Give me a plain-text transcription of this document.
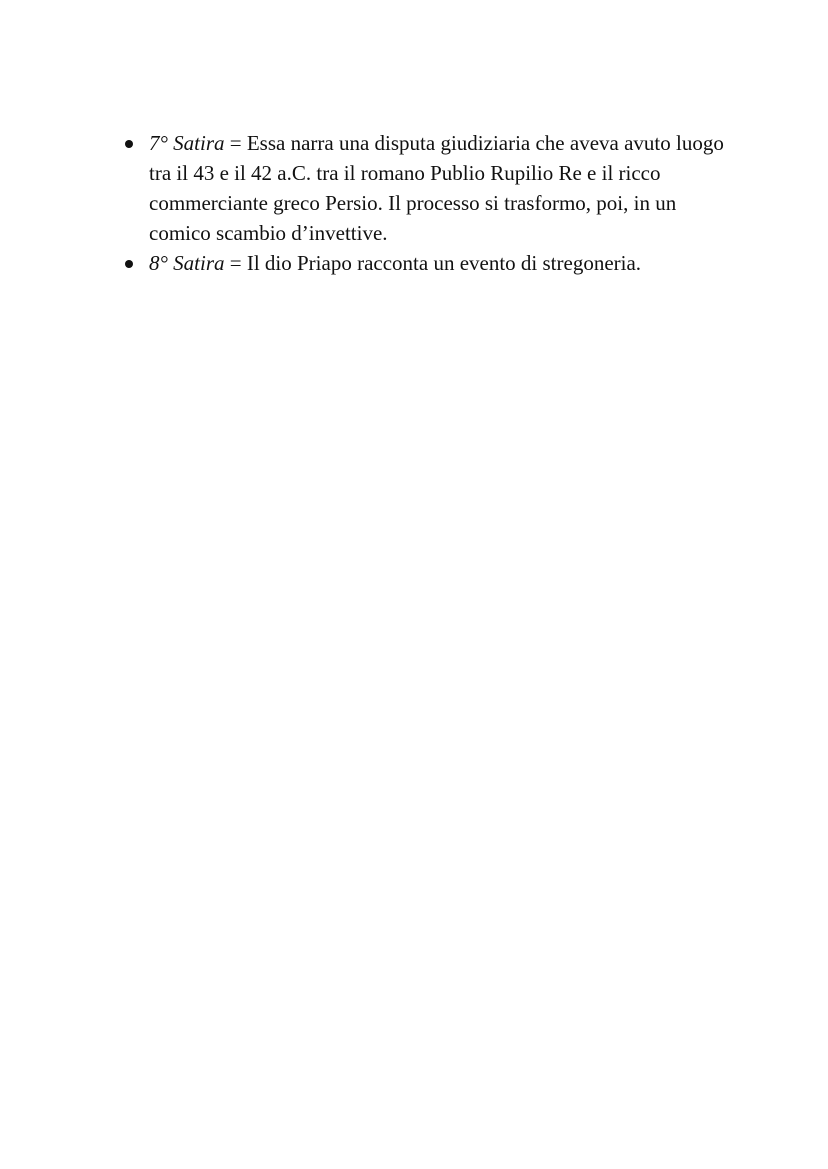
7° Satira = Essa narra una disputa giudiziaria che aveva avuto luogo tra il 43 e il 42 a.C. tra il romano Publio Rupilio Re e il ricco commerciante greco Persio. Il processo si trasformo, poi, in un comico scambio d’invettive.
8° Satira = Il dio Priapo racconta un evento di stregoneria.
